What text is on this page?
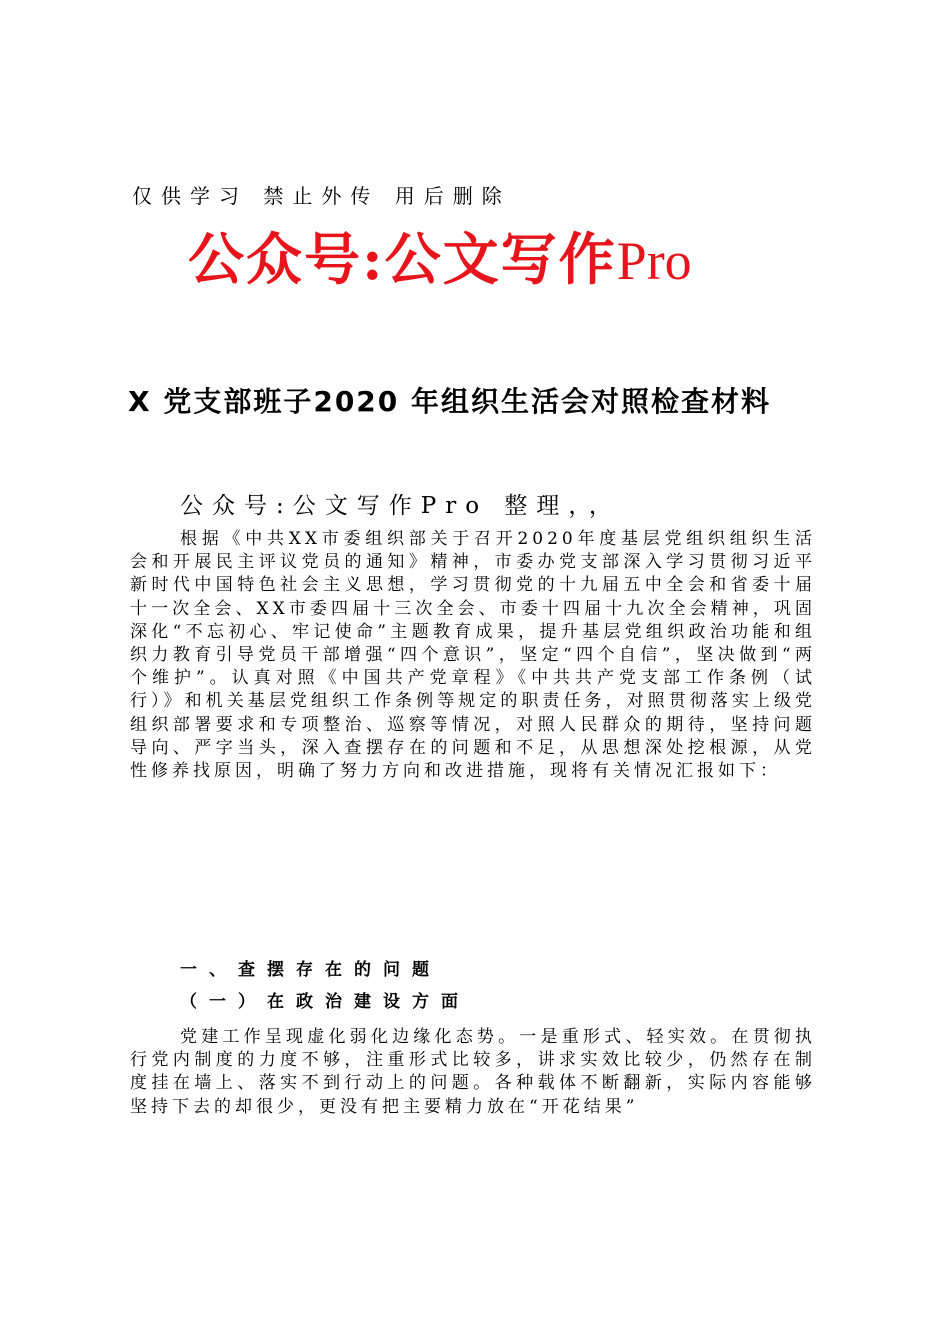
仅供学习 禁止外传 用后删除
公众号:公文写作Pro
X 党支部班子2020 年组织生活会对照检查材料
公众号:公文写作Pro 整理，，
根据《中共XX市委组织部关于召开2020年度基层党组织组织生活会和开展民主评议党员的通知》精神，市委办党支部深入学习贯彻习近平新时代中国特色社会主义思想，学习贯彻党的十九届五中全会和省委十届十一次全会、XX市委四届十三次全会、市委十四届十九次全会精神，巩固深化“不忘初心、牢记使命”主题教育成果，提升基层党组织政治功能和组织力教育引导党员干部增强“四个意识”，坚定“四个自信”，坚决做到“两个维护”。认真对照《中国共产党章程》《中共共产党支部工作条例（试行）》和机关基层党组织工作条例等规定的职责任务，对照贯彻落实上级党组织部署要求和专项整治、巡察等情况，对照人民群众的期待，坚持问题导向、严字当头，深入查摆存在的问题和不足，从思想深处挖根源，从党性修养找原因，明确了努力方向和改进措施，现将有关情况汇报如下：
一、查摆存在的问题
（一）在政治建设方面
党建工作呈现虚化弱化边缘化态势。一是重形式、轻实效。在贯彻执行党内制度的力度不够，注重形式比较多，讲求实效比较少，仍然存在制度挂在墙上、落实不到行动上的问题。各种载体不断翻新，实际内容能够坚持下去的却很少，更没有把主要精力放在“开花结果”
